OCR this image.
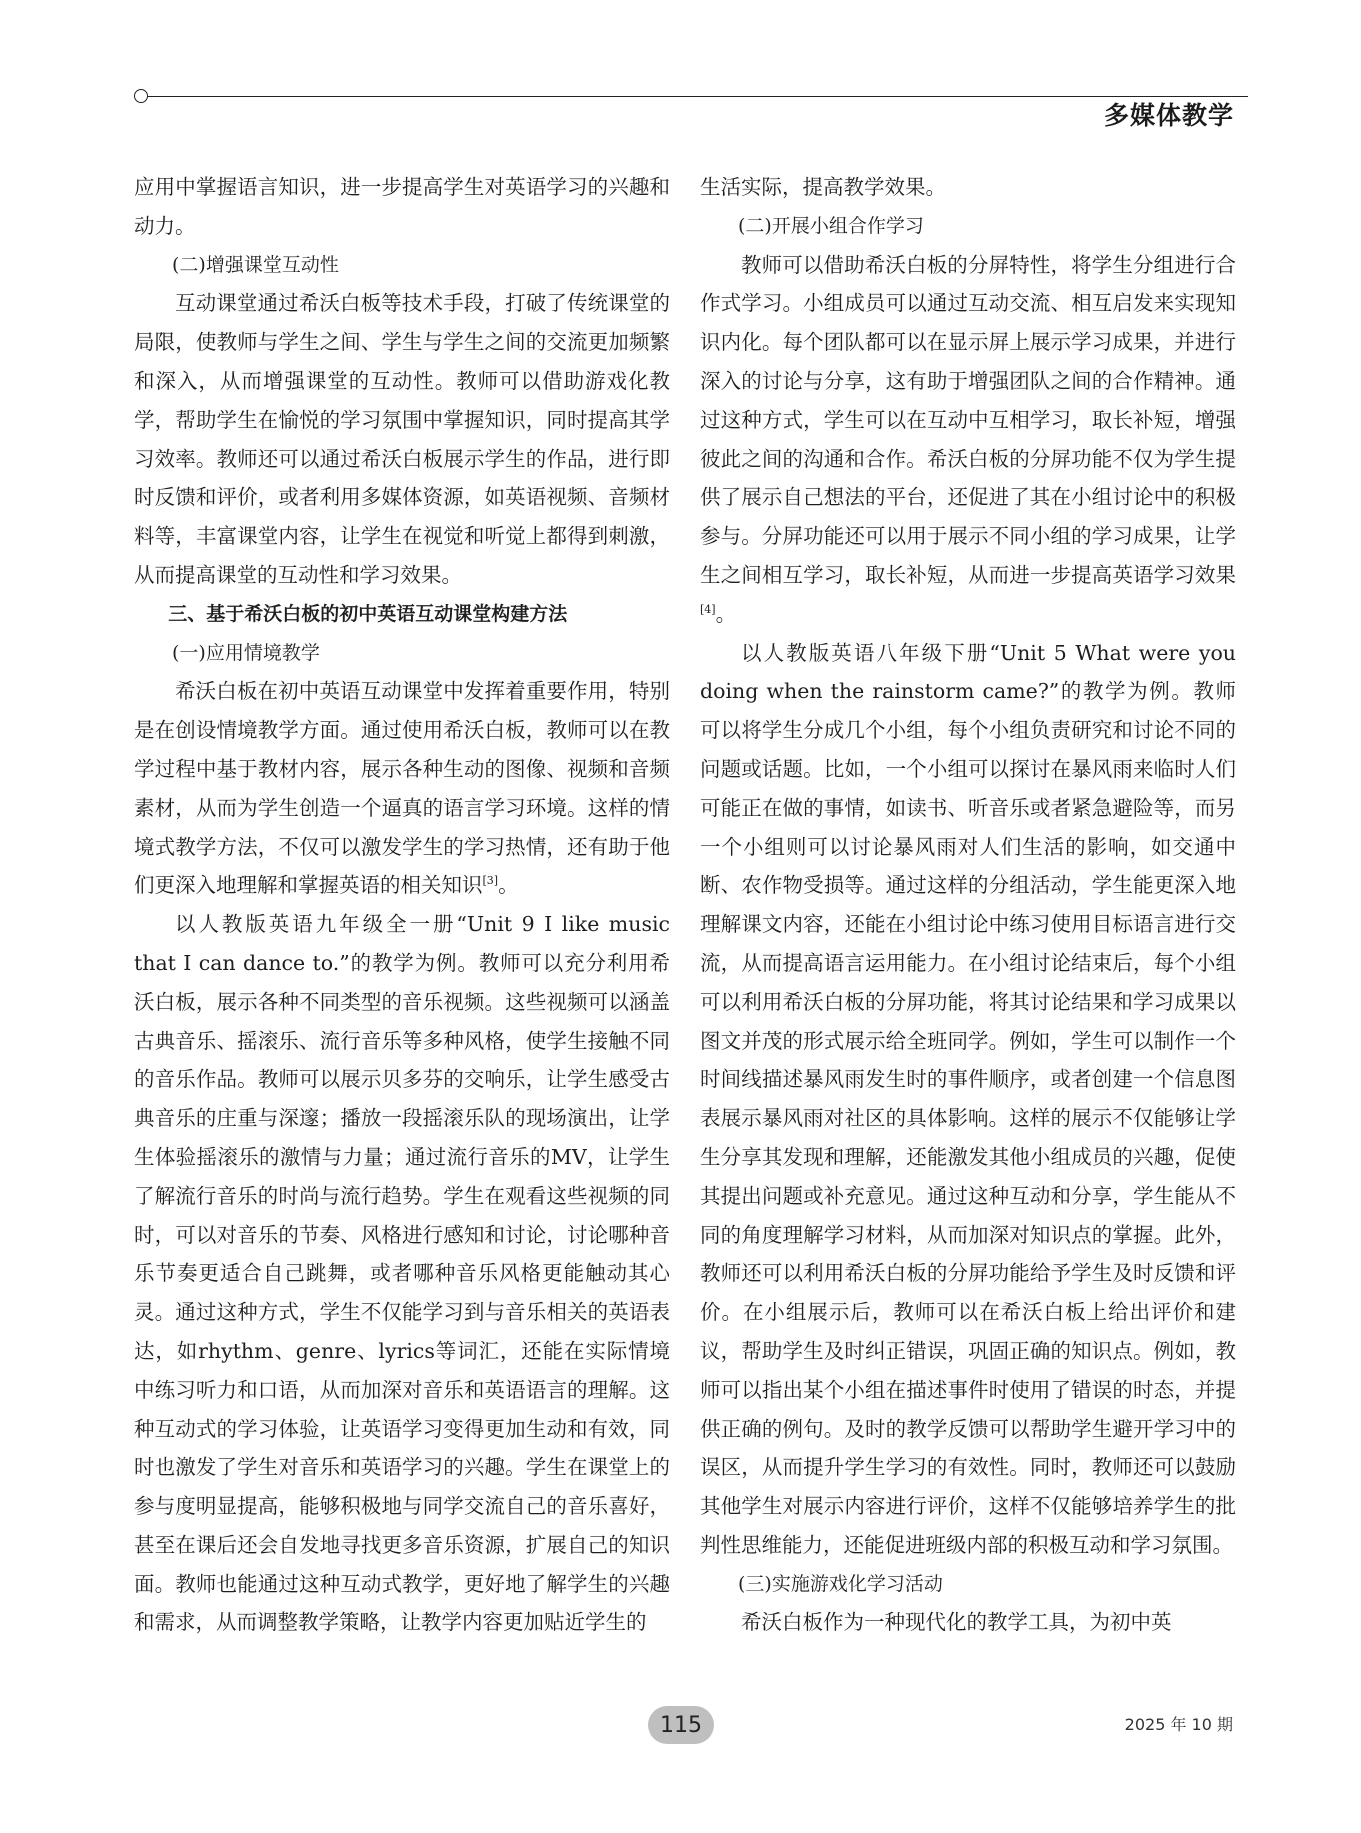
多媒体教学
应用中掌握语言知识，进一步提高学生对英语学习的兴趣和动力。
(二)增强课堂互动性
互动课堂通过希沃白板等技术手段，打破了传统课堂的局限，使教师与学生之间、学生与学生之间的交流更加频繁和深入，从而增强课堂的互动性。教师可以借助游戏化教学，帮助学生在愉悦的学习氛围中掌握知识，同时提高其学习效率。教师还可以通过希沃白板展示学生的作品，进行即时反馈和评价，或者利用多媒体资源，如英语视频、音频材料等，丰富课堂内容，让学生在视觉和听觉上都得到刺激，从而提高课堂的互动性和学习效果。
三、基于希沃白板的初中英语互动课堂构建方法
(一)应用情境教学
希沃白板在初中英语互动课堂中发挥着重要作用，特别是在创设情境教学方面。通过使用希沃白板，教师可以在教学过程中基于教材内容，展示各种生动的图像、视频和音频素材，从而为学生创造一个逼真的语言学习环境。这样的情境式教学方法，不仅可以激发学生的学习热情，还有助于他们更深入地理解和掌握英语的相关知识[3]。
以人教版英语九年级全一册“Unit 9 I like music that I can dance to.”的教学为例。教师可以充分利用希沃白板，展示各种不同类型的音乐视频。这些视频可以涵盖古典音乐、摇滚乐、流行音乐等多种风格，使学生接触不同的音乐作品。教师可以展示贝多芬的交响乐，让学生感受古典音乐的庄重与深邃；播放一段摇滚乐队的现场演出，让学生体验摇滚乐的激情与力量；通过流行音乐的MV，让学生了解流行音乐的时尚与流行趋势。学生在观看这些视频的同时，可以对音乐的节奏、风格进行感知和讨论，讨论哪种音乐节奏更适合自己跳舞，或者哪种音乐风格更能触动其心灵。通过这种方式，学生不仅能学习到与音乐相关的英语表达，如rhythm、genre、lyrics等词汇，还能在实际情境中练习听力和口语，从而加深对音乐和英语语言的理解。这种互动式的学习体验，让英语学习变得更加生动和有效，同时也激发了学生对音乐和英语学习的兴趣。学生在课堂上的参与度明显提高，能够积极地与同学交流自己的音乐喜好，甚至在课后还会自发地寻找更多音乐资源，扩展自己的知识面。教师也能通过这种互动式教学，更好地了解学生的兴趣和需求，从而调整教学策略，让教学内容更加贴近学生的
生活实际，提高教学效果。
(二)开展小组合作学习
教师可以借助希沃白板的分屏特性，将学生分组进行合作式学习。小组成员可以通过互动交流、相互启发来实现知识内化。每个团队都可以在显示屏上展示学习成果，并进行深入的讨论与分享，这有助于增强团队之间的合作精神。通过这种方式，学生可以在互动中互相学习，取长补短，增强彼此之间的沟通和合作。希沃白板的分屏功能不仅为学生提供了展示自己想法的平台，还促进了其在小组讨论中的积极参与。分屏功能还可以用于展示不同小组的学习成果，让学生之间相互学习，取长补短，从而进一步提高英语学习效果[4]。
以人教版英语八年级下册“Unit 5 What were you doing when the rainstorm came?”的教学为例。教师可以将学生分成几个小组，每个小组负责研究和讨论不同的问题或话题。比如，一个小组可以探讨在暴风雨来临时人们可能正在做的事情，如读书、听音乐或者紧急避险等，而另一个小组则可以讨论暴风雨对人们生活的影响，如交通中断、农作物受损等。通过这样的分组活动，学生能更深入地理解课文内容，还能在小组讨论中练习使用目标语言进行交流，从而提高语言运用能力。在小组讨论结束后，每个小组可以利用希沃白板的分屏功能，将其讨论结果和学习成果以图文并茂的形式展示给全班同学。例如，学生可以制作一个时间线描述暴风雨发生时的事件顺序，或者创建一个信息图表展示暴风雨对社区的具体影响。这样的展示不仅能够让学生分享其发现和理解，还能激发其他小组成员的兴趣，促使其提出问题或补充意见。通过这种互动和分享，学生能从不同的角度理解学习材料，从而加深对知识点的掌握。此外，教师还可以利用希沃白板的分屏功能给予学生及时反馈和评价。在小组展示后，教师可以在希沃白板上给出评价和建议，帮助学生及时纠正错误，巩固正确的知识点。例如，教师可以指出某个小组在描述事件时使用了错误的时态，并提供正确的例句。及时的教学反馈可以帮助学生避开学习中的误区，从而提升学生学习的有效性。同时，教师还可以鼓励其他学生对展示内容进行评价，这样不仅能够培养学生的批判性思维能力，还能促进班级内部的积极互动和学习氛围。
(三)实施游戏化学习活动
希沃白板作为一种现代化的教学工具，为初中英
115	2025 年 10 期
